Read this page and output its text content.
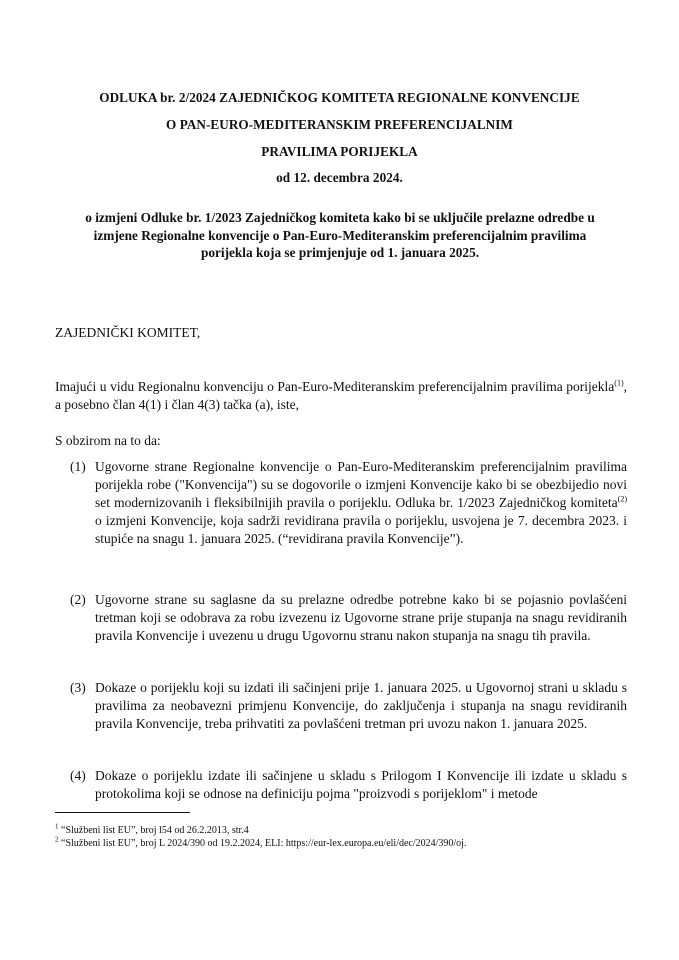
ODLUKA br. 2/2024 ZAJEDNIČKOG KOMITETA REGIONALNE KONVENCIJE
O PAN-EURO-MEDITERANSKIM PREFERENCIJALNIM
PRAVILIMA PORIJEKLA
od 12. decembra 2024.
o izmjeni Odluke br. 1/2023 Zajedničkog komiteta kako bi se uključile prelazne odredbe u izmjene Regionalne konvencije o Pan-Euro-Mediteranskim preferencijalnim pravilima porijekla koja se primjenjuje od 1. januara 2025.
ZAJEDNIČKI KOMITET,
Imajući u vidu Regionalnu konvenciju o Pan-Euro-Mediteranskim preferencijalnim pravilima porijekla$^{(1)}$, a posebno član 4(1) i član 4(3) tačka (a), iste,
S obzirom na to da:
(1) Ugovorne strane Regionalne konvencije o Pan-Euro-Mediteranskim preferencijalnim pravilima porijekla robe ("Konvencija") su se dogovorile o izmjeni Konvencije kako bi se obezbijedio novi set modernizovanih i fleksibilnijih pravila o porijeklu. Odluka br. 1/2023 Zajedničkog komiteta$^{(2)}$ o izmjeni Konvencije, koja sadrži revidirana pravila o porijeklu, usvojena je 7. decembra 2023. i stupiće na snagu 1. januara 2025. (“revidirana pravila Konvencije”).
(2) Ugovorne strane su saglasne da su prelazne odredbe potrebne kako bi se pojasnio povlašćeni tretman koji se odobrava za robu izvezenu iz Ugovorne strane prije stupanja na snagu revidiranih pravila Konvencije i uvezenu u drugu Ugovornu stranu nakon stupanja na snagu tih pravila.
(3) Dokaze o porijeklu koji su izdati ili sačinjeni prije 1. januara 2025. u Ugovornoj strani u skladu s pravilima za neobavezni primjenu Konvencije, do zaključenja i stupanja na snagu revidiranih pravila Konvencije, treba prihvatiti za povlašćeni tretman pri uvozu nakon 1. januara 2025.
(4) Dokaze o porijeklu izdate ili sačinjene u skladu s Prilogom I Konvencije ili izdate u skladu s protokolima koji se odnose na definiciju pojma "proizvodi s porijeklom" i metode
$^1$ “Službeni list EU”, broj l54 od 26.2.2013, str.4
$^2$ “Službeni list EU”, broj L 2024/390 od 19.2.2024, ELI: https://eur-lex.europa.eu/eli/dec/2024/390/oj.
